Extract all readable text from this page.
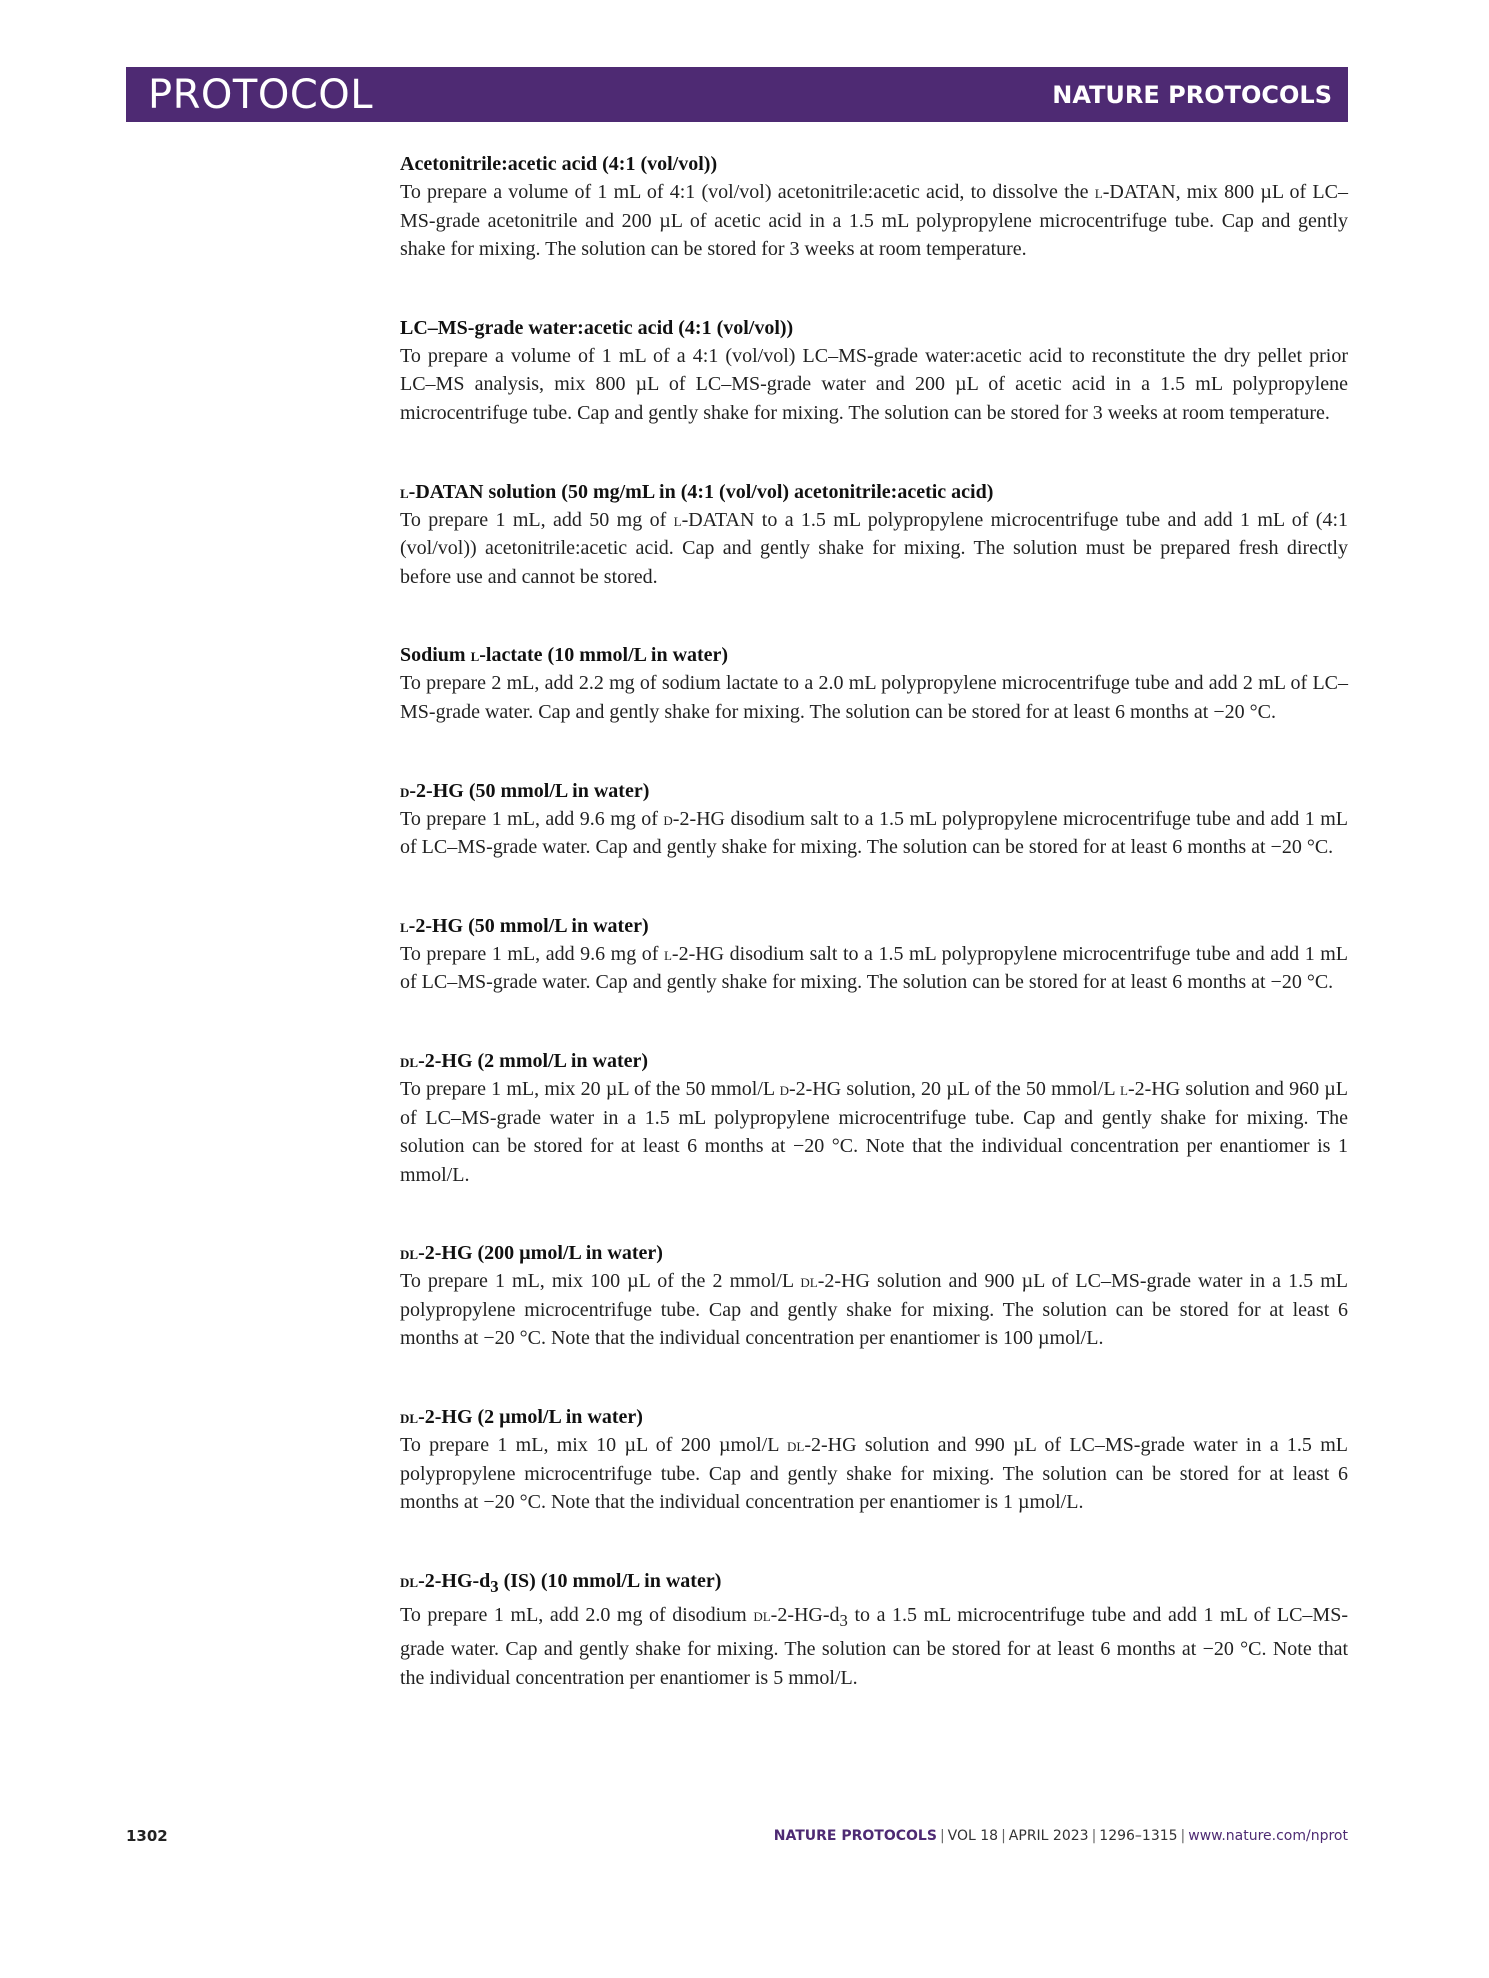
PROTOCOL	NATURE PROTOCOLS
Acetonitrile:acetic acid (4:1 (vol/vol))

To prepare a volume of 1 mL of 4:1 (vol/vol) acetonitrile:acetic acid, to dissolve the l-DATAN, mix 800 µL of LC–MS-grade acetonitrile and 200 µL of acetic acid in a 1.5 mL polypropylene microcentrifuge tube. Cap and gently shake for mixing. The solution can be stored for 3 weeks at room temperature.

LC–MS-grade water:acetic acid (4:1 (vol/vol))

To prepare a volume of 1 mL of a 4:1 (vol/vol) LC–MS-grade water:acetic acid to reconstitute the dry pellet prior LC–MS analysis, mix 800 µL of LC–MS-grade water and 200 µL of acetic acid in a 1.5 mL polypropylene microcentrifuge tube. Cap and gently shake for mixing. The solution can be stored for 3 weeks at room temperature.

l-DATAN solution (50 mg/mL in (4:1 (vol/vol) acetonitrile:acetic acid)

To prepare 1 mL, add 50 mg of l-DATAN to a 1.5 mL polypropylene microcentrifuge tube and add 1 mL of (4:1 (vol/vol)) acetonitrile:acetic acid. Cap and gently shake for mixing. The solution must be prepared fresh directly before use and cannot be stored.

Sodium l-lactate (10 mmol/L in water)

To prepare 2 mL, add 2.2 mg of sodium lactate to a 2.0 mL polypropylene microcentrifuge tube and add 2 mL of LC–MS-grade water. Cap and gently shake for mixing. The solution can be stored for at least 6 months at −20 °C.

d-2-HG (50 mmol/L in water)

To prepare 1 mL, add 9.6 mg of d-2-HG disodium salt to a 1.5 mL polypropylene microcentrifuge tube and add 1 mL of LC–MS-grade water. Cap and gently shake for mixing. The solution can be stored for at least 6 months at −20 °C.

l-2-HG (50 mmol/L in water)

To prepare 1 mL, add 9.6 mg of l-2-HG disodium salt to a 1.5 mL polypropylene microcentrifuge tube and add 1 mL of LC–MS-grade water. Cap and gently shake for mixing. The solution can be stored for at least 6 months at −20 °C.

dl-2-HG (2 mmol/L in water)

To prepare 1 mL, mix 20 µL of the 50 mmol/L d-2-HG solution, 20 µL of the 50 mmol/L l-2-HG solution and 960 µL of LC–MS-grade water in a 1.5 mL polypropylene microcentrifuge tube. Cap and gently shake for mixing. The solution can be stored for at least 6 months at −20 °C. Note that the individual concentration per enantiomer is 1 mmol/L.

dl-2-HG (200 µmol/L in water)

To prepare 1 mL, mix 100 µL of the 2 mmol/L dl-2-HG solution and 900 µL of LC–MS-grade water in a 1.5 mL polypropylene microcentrifuge tube. Cap and gently shake for mixing. The solution can be stored for at least 6 months at −20 °C. Note that the individual concentration per enantiomer is 100 µmol/L.

dl-2-HG (2 µmol/L in water)

To prepare 1 mL, mix 10 µL of 200 µmol/L dl-2-HG solution and 990 µL of LC–MS-grade water in a 1.5 mL polypropylene microcentrifuge tube. Cap and gently shake for mixing. The solution can be stored for at least 6 months at −20 °C. Note that the individual concentration per enantiomer is 1 µmol/L.

$dl-2-HG-d_3$ (IS) (10 mmol/L in water)

To prepare 1 mL, add 2.0 mg of disodium $dl-2-HG-d_3$ to a 1.5 mL microcentrifuge tube and add 1 mL of LC–MS-grade water. Cap and gently shake for mixing. The solution can be stored for at least 6 months at −20 °C. Note that the individual concentration per enantiomer is 5 mmol/L.

1302	NATURE PROTOCOLS | VOL 18 | APRIL 2023 | 1296–1315 | www.nature.com/nprot
